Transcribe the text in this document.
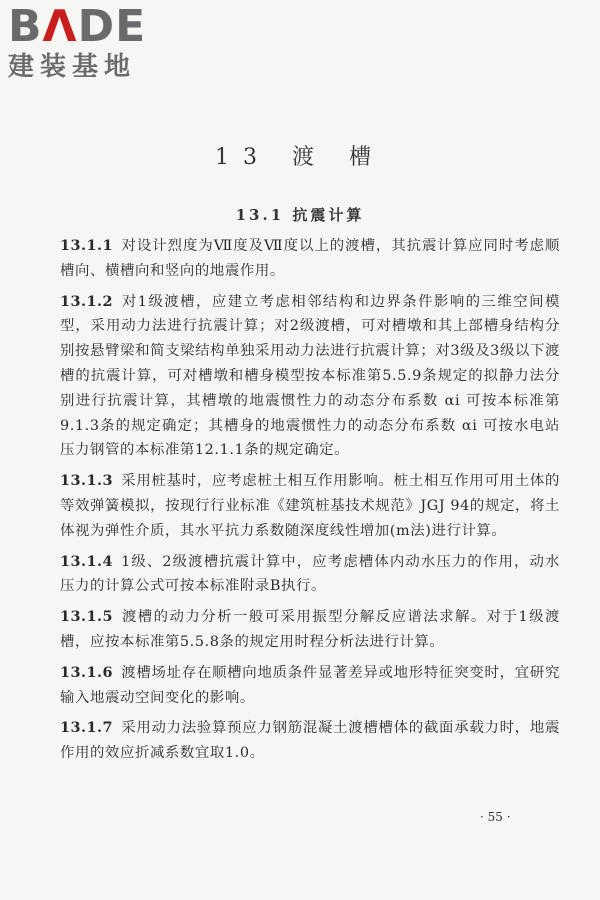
BΛDE
建装基地
13 渡 槽
13.1 抗震计算

13.1.1 对设计烈度为Ⅶ度及Ⅶ度以上的渡槽，其抗震计算应同时考虑顺槽向、横槽向和竖向的地震作用。

13.1.2 对1级渡槽，应建立考虑相邻结构和边界条件影响的三维空间模型，采用动力法进行抗震计算；对2级渡槽，可对槽墩和其上部槽身结构分别按悬臂梁和简支梁结构单独采用动力法进行抗震计算；对3级及3级以下渡槽的抗震计算，可对槽墩和槽身模型按本标准第5.5.9条规定的拟静力法分别进行抗震计算，其槽墩的地震惯性力的动态分布系数 αi 可按本标准第9.1.3条的规定确定；其槽身的地震惯性力的动态分布系数 αi 可按水电站压力钢管的本标准第12.1.1条的规定确定。

13.1.3 采用桩基时，应考虑桩土相互作用影响。桩土相互作用可用土体的等效弹簧模拟，按现行行业标准《建筑桩基技术规范》JGJ 94的规定，将土体视为弹性介质，其水平抗力系数随深度线性增加(m法)进行计算。

13.1.4 1级、2级渡槽抗震计算中，应考虑槽体内动水压力的作用，动水压力的计算公式可按本标准附录B执行。

13.1.5 渡槽的动力分析一般可采用振型分解反应谱法求解。对于1级渡槽，应按本标准第5.5.8条的规定用时程分析法进行计算。

13.1.6 渡槽场址存在顺槽向地质条件显著差异或地形特征突变时，宜研究输入地震动空间变化的影响。

13.1.7 采用动力法验算预应力钢筋混凝土渡槽槽体的截面承载力时，地震作用的效应折减系数宜取1.0。

· 55 ·
